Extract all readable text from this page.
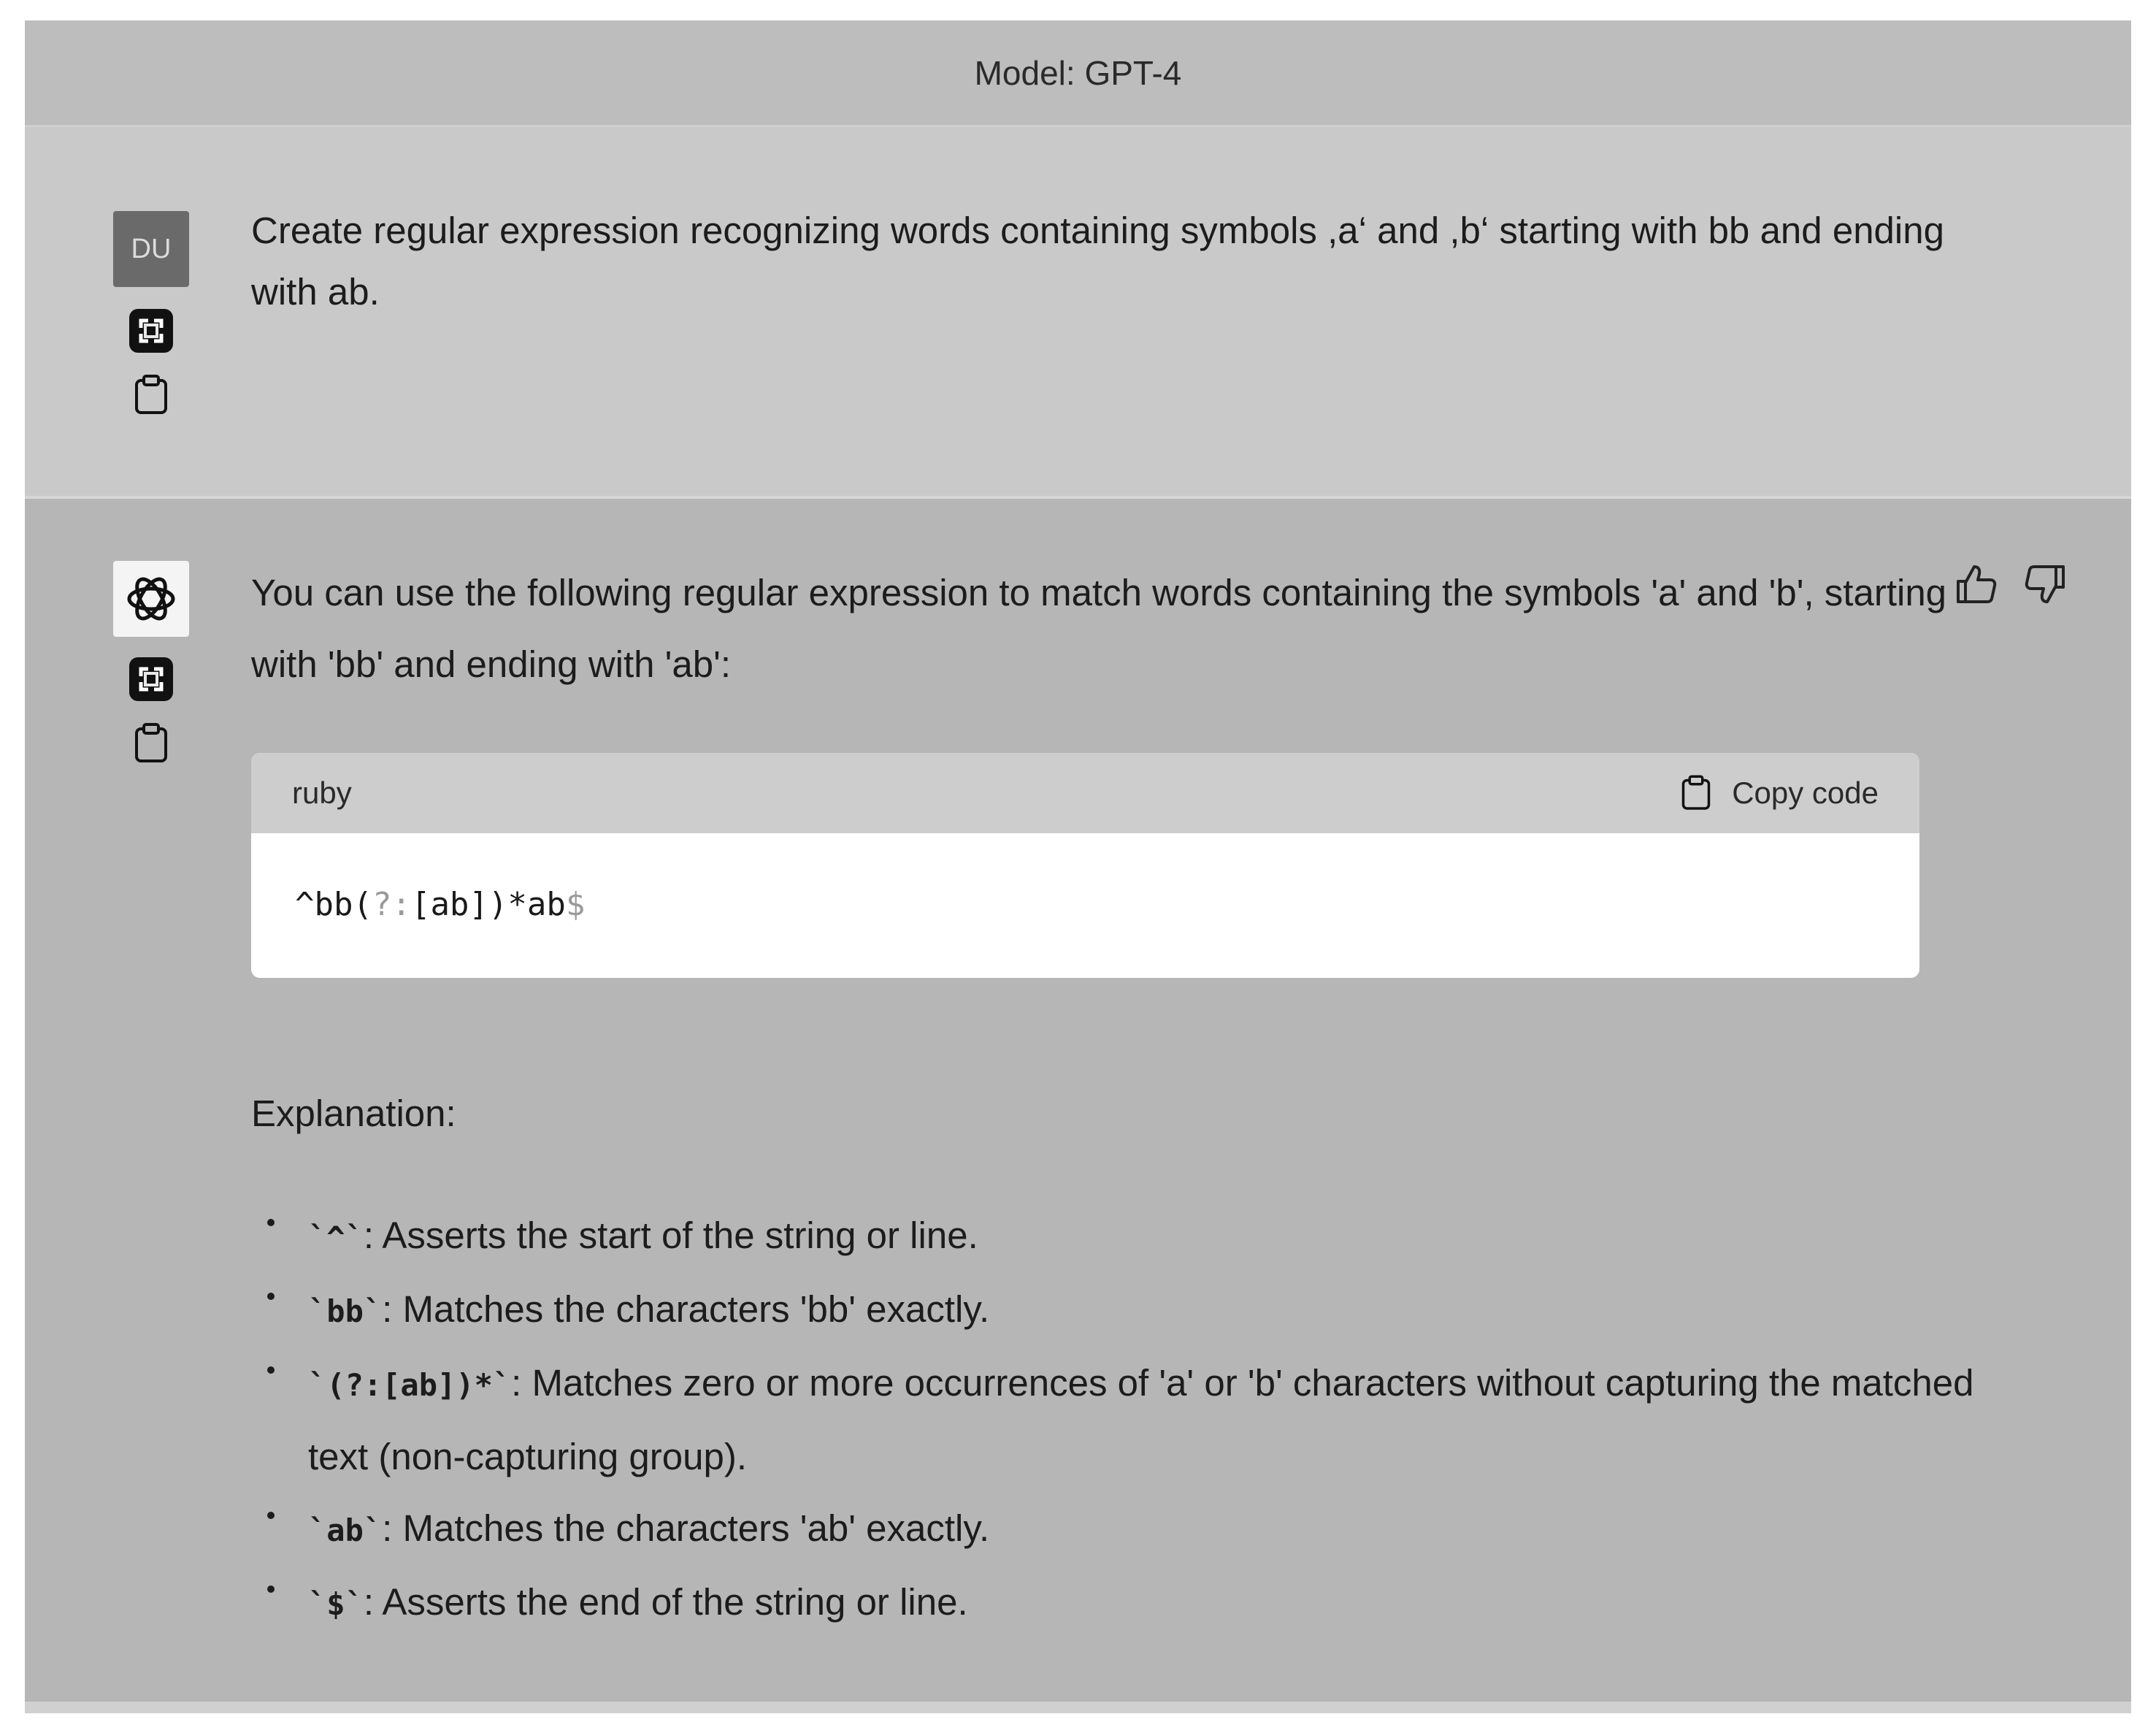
Model: GPT-4
DU Create regular expression recognizing words containing symbols ,a‘ and ,b‘ starting with bb and ending with ab.
You can use the following regular expression to match words containing the symbols 'a' and 'b', starting with 'bb' and ending with 'ab':
ruby	Copy code
^bb(?:[ab])*ab$
Explanation:
`^`: Asserts the start of the string or line.
`bb`: Matches the characters 'bb' exactly.
`(?:[ab])*`: Matches zero or more occurrences of 'a' or 'b' characters without capturing the matched text (non-capturing group).
`ab`: Matches the characters 'ab' exactly.
`$`: Asserts the end of the string or line.
